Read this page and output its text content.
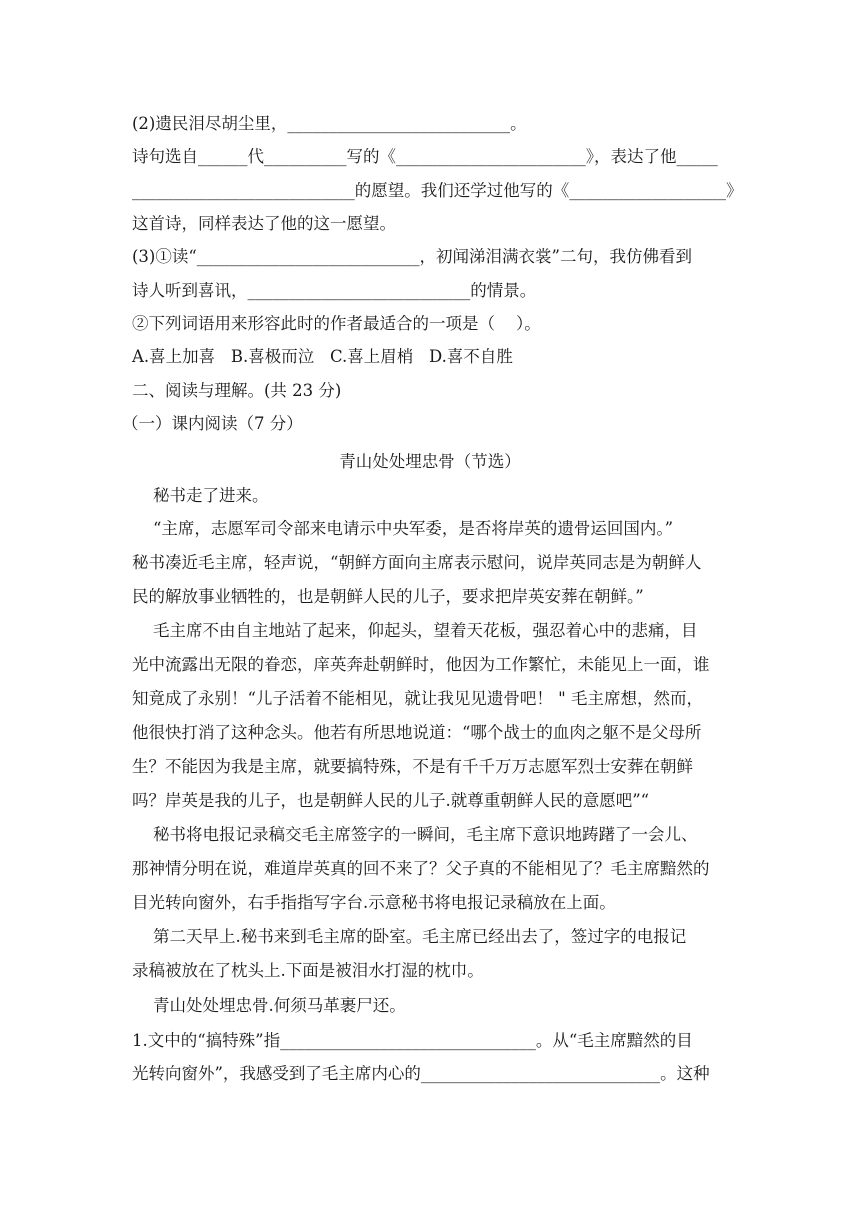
(2)遗民泪尽胡尘里，___________________________。
诗句选自______代__________写的《_______________________》，表达了他_____
___________________________的愿望。我们还学过他写的《___________________》
这首诗，同样表达了他的这一愿望。
(3)①读“___________________________，初闻涕泪满衣裳”二句，我仿佛看到
诗人听到喜讯，___________________________的情景。
②下列词语用来形容此时的作者最适合的一项是（    ）。
A.喜上加喜   B.喜极而泣   C.喜上眉梢   D.喜不自胜
二、阅读与理解。(共 23 分)
（一）课内阅读（7 分）
青山处处埋忠骨（节选）
秘书走了进来。
“主席，志愿军司令部来电请示中央军委，是否将岸英的遗骨运回国内。”
秘书凑近毛主席，轻声说，“朝鲜方面向主席表示慰问，说岸英同志是为朝鲜人
民的解放事业牺牲的，也是朝鲜人民的儿子，要求把岸英安葬在朝鲜。”
毛主席不由自主地站了起来，仰起头，望着天花板，强忍着心中的悲痛，目
光中流露出无限的眷恋，庠英奔赴朝鲜时，他因为工作繁忙，未能见上一面，谁
知竟成了永别！“儿子活着不能相见，就让我见见遗骨吧！ " 毛主席想，然而，
他很快打消了这种念头。他若有所思地说道：“哪个战士的血肉之躯不是父母所
生？不能因为我是主席，就要搞特殊，不是有千千万万志愿军烈士安葬在朝鲜
吗？岸英是我的儿子，也是朝鲜人民的儿子.就尊重朝鲜人民的意愿吧”“
秘书将电报记录稿交毛主席签字的一瞬间，毛主席下意识地踌躇了一会儿、
那神情分明在说，难道岸英真的回不来了？父子真的不能相见了？毛主席黯然的
目光转向窗外，右手指指写字台.示意秘书将电报记录稿放在上面。
第二天早上.秘书来到毛主席的卧室。毛主席已经出去了，签过字的电报记
录稿被放在了枕头上.下面是被泪水打湿的枕巾。
青山处处埋忠骨.何须马革裹尸还。
1.文中的“搞特殊”指_______________________________。从“毛主席黯然的目
光转向窗外”，我感受到了毛主席内心的_____________________________。这种
